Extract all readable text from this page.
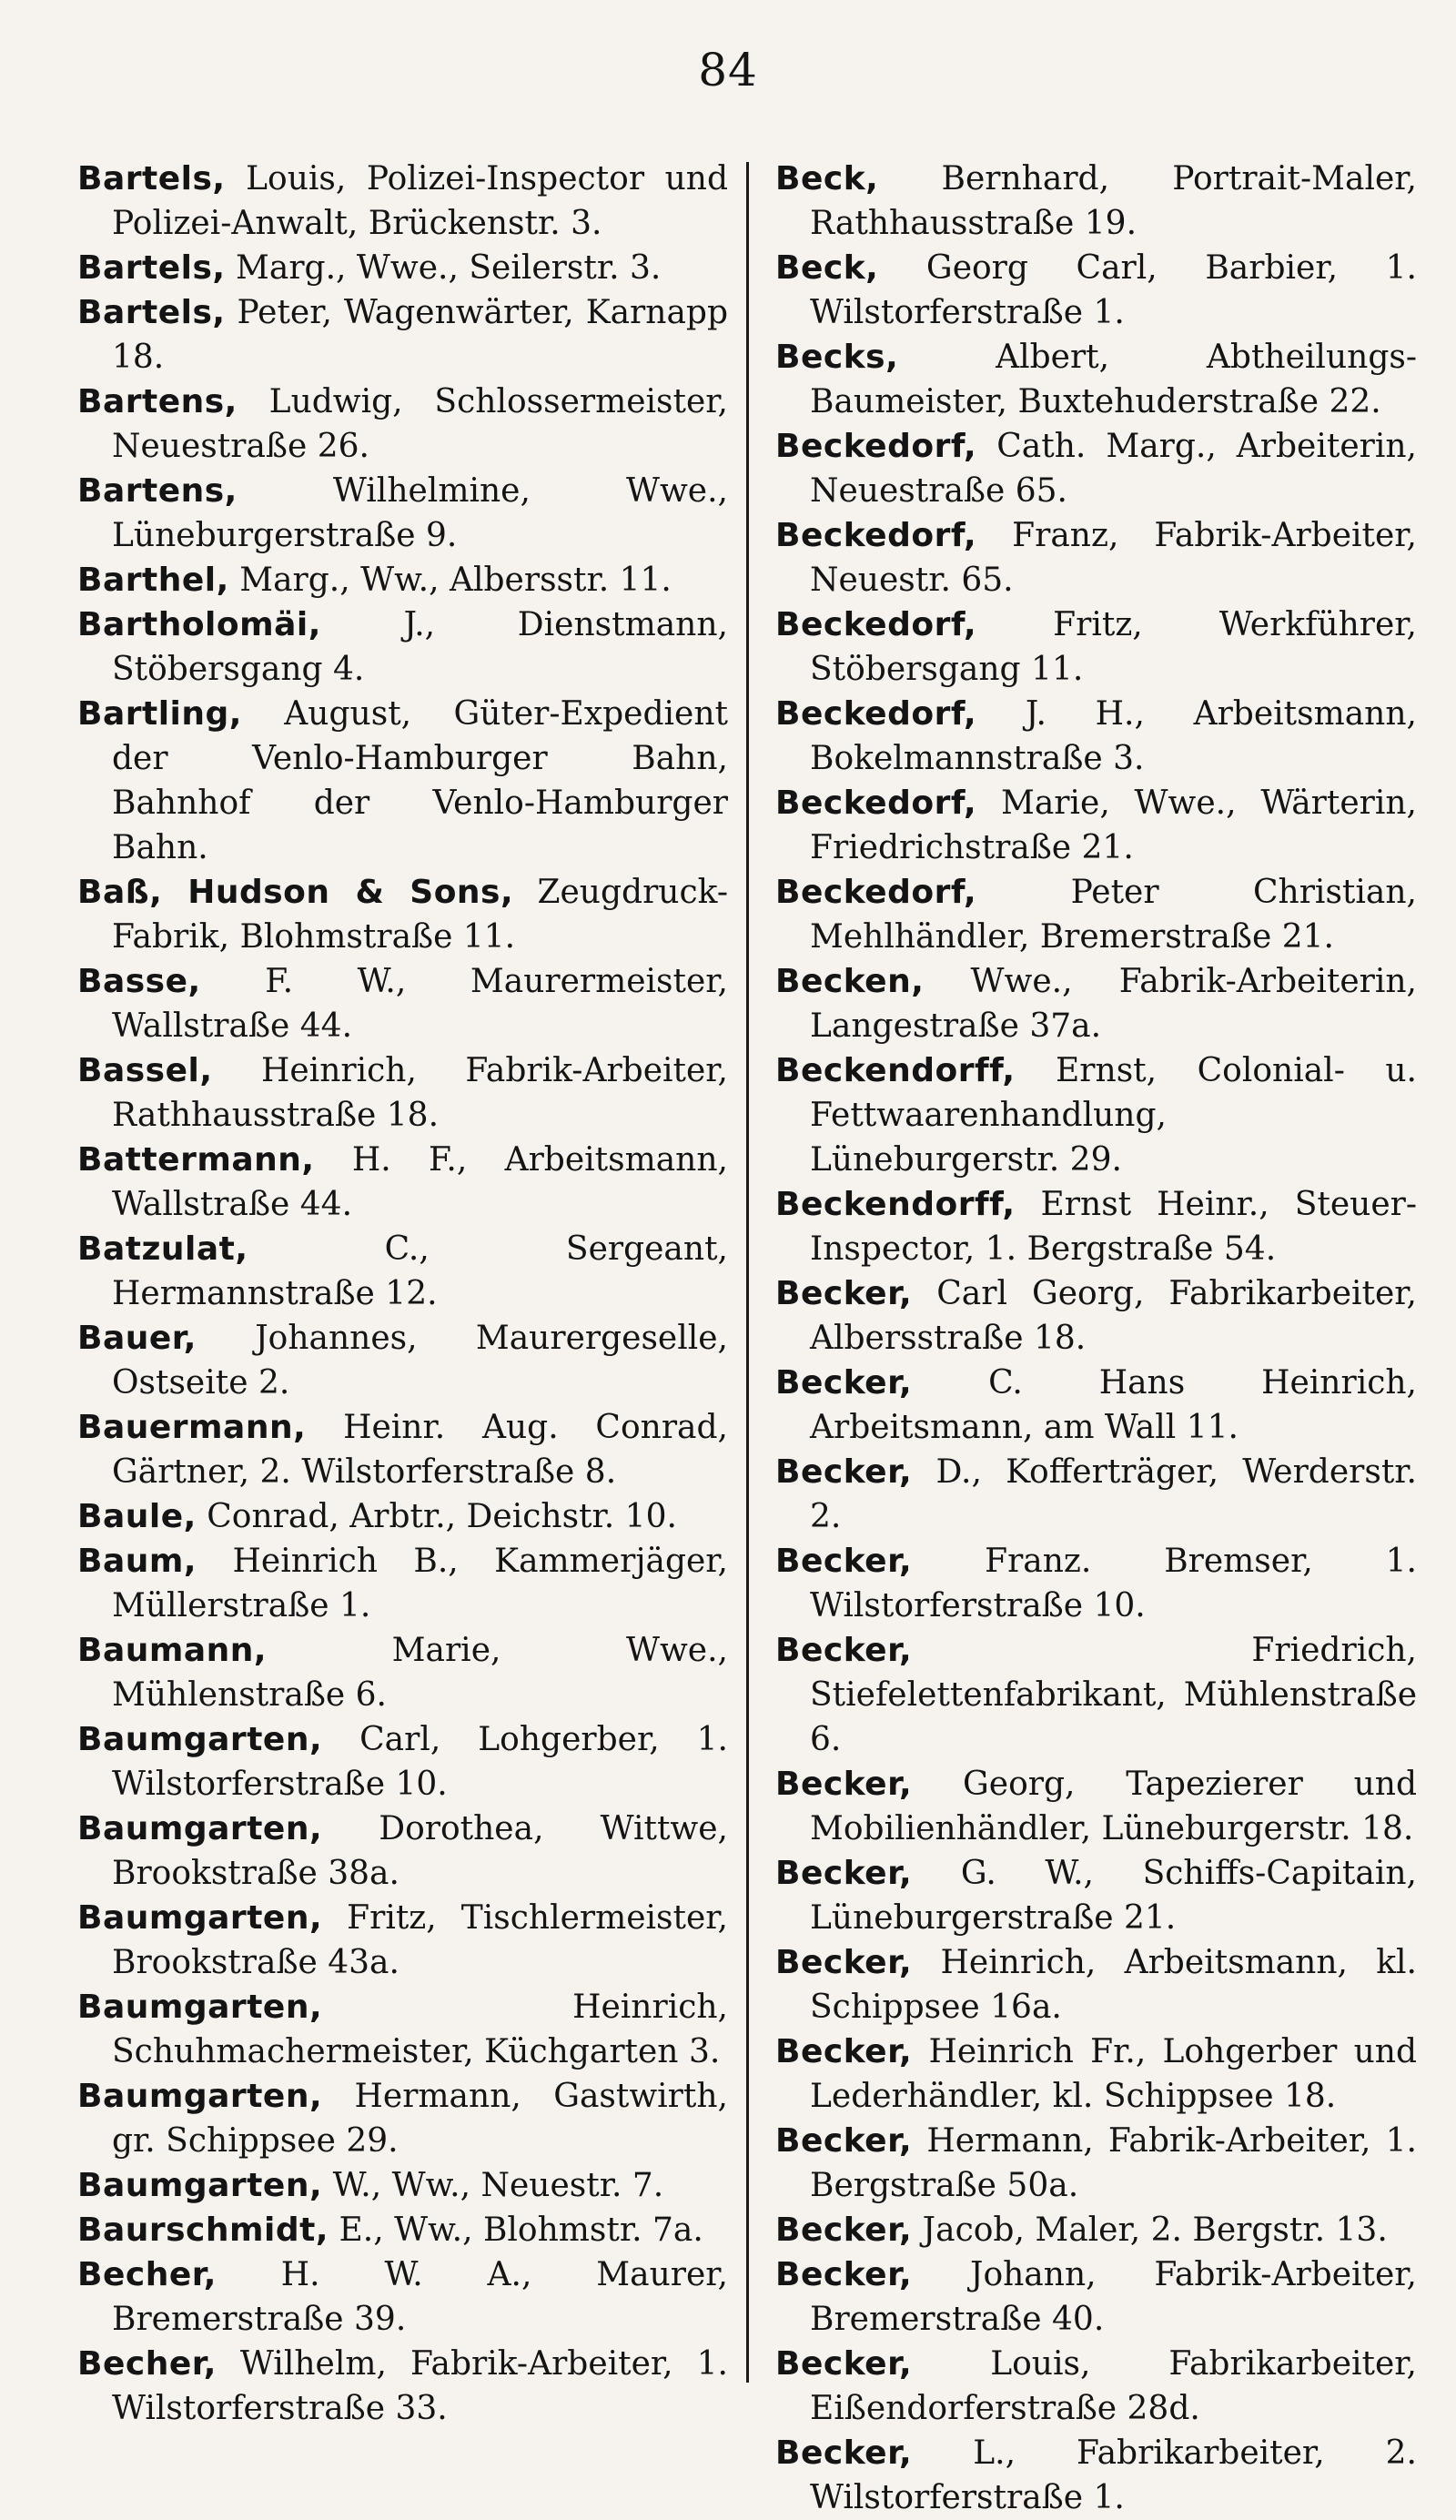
84

Bartels, Louis, Polizei-Inspector und Polizei-Anwalt, Brückenstr. 3.

Bartels, Marg., Wwe., Seilerstr. 3.

Bartels, Peter, Wagenwärter, Karnapp 18.

Bartens, Ludwig, Schlossermeister, Neuestraße 26.

Bartens, Wilhelmine, Wwe., Lüneburgerstraße 9.

Barthel, Marg., Ww., Albersstr. 11.

Bartholomäi, J., Dienstmann, Stöbersgang 4.

Bartling, August, Güter-Expedient der Venlo-Hamburger Bahn, Bahnhof der Venlo-Hamburger Bahn.

Baß, Hudson & Sons, Zeugdruck-Fabrik, Blohmstraße 11.

Basse, F. W., Maurermeister, Wallstraße 44.

Bassel, Heinrich, Fabrik-Arbeiter, Rathhausstraße 18.

Battermann, H. F., Arbeitsmann, Wallstraße 44.

Batzulat, C., Sergeant, Hermannstraße 12.

Bauer, Johannes, Maurergeselle, Ostseite 2.

Bauermann, Heinr. Aug. Conrad, Gärtner, 2. Wilstorferstraße 8.

Baule, Conrad, Arbtr., Deichstr. 10.

Baum, Heinrich B., Kammerjäger, Müllerstraße 1.

Baumann, Marie, Wwe., Mühlenstraße 6.

Baumgarten, Carl, Lohgerber, 1. Wilstorferstraße 10.

Baumgarten, Dorothea, Wittwe, Brookstraße 38a.

Baumgarten, Fritz, Tischlermeister, Brookstraße 43a.

Baumgarten, Heinrich, Schuhmachermeister, Küchgarten 3.

Baumgarten, Hermann, Gastwirth, gr. Schippsee 29.

Baumgarten, W., Ww., Neuestr. 7.

Baurschmidt, E., Ww., Blohmstr. 7a.

Becher, H. W. A., Maurer, Bremerstraße 39.

Becher, Wilhelm, Fabrik-Arbeiter, 1. Wilstorferstraße 33.

Beck, Bernhard, Portrait-Maler, Rathhausstraße 19.

Beck, Georg Carl, Barbier, 1. Wilstorferstraße 1.

Becks, Albert, Abtheilungs-Baumeister, Buxtehuderstraße 22.

Beckedorf, Cath. Marg., Arbeiterin, Neuestraße 65.

Beckedorf, Franz, Fabrik-Arbeiter, Neuestr. 65.

Beckedorf, Fritz, Werkführer, Stöbersgang 11.

Beckedorf, J. H., Arbeitsmann, Bokelmannstraße 3.

Beckedorf, Marie, Wwe., Wärterin, Friedrichstraße 21.

Beckedorf, Peter Christian, Mehlhändler, Bremerstraße 21.

Becken, Wwe., Fabrik-Arbeiterin, Langestraße 37a.

Beckendorff, Ernst, Colonial- u. Fettwaarenhandlung, Lüneburgerstr. 29.

Beckendorff, Ernst Heinr., Steuer-Inspector, 1. Bergstraße 54.

Becker, Carl Georg, Fabrikarbeiter, Albersstraße 18.

Becker, C. Hans Heinrich, Arbeitsmann, am Wall 11.

Becker, D., Kofferträger, Werderstr. 2.

Becker, Franz. Bremser, 1. Wilstorferstraße 10.

Becker, Friedrich, Stiefelettenfabrikant, Mühlenstraße 6.

Becker, Georg, Tapezierer und Mobilienhändler, Lüneburgerstr. 18.

Becker, G. W., Schiffs-Capitain, Lüneburgerstraße 21.

Becker, Heinrich, Arbeitsmann, kl. Schippsee 16a.

Becker, Heinrich Fr., Lohgerber und Lederhändler, kl. Schippsee 18.

Becker, Hermann, Fabrik-Arbeiter, 1. Bergstraße 50a.

Becker, Jacob, Maler, 2. Bergstr. 13.

Becker, Johann, Fabrik-Arbeiter, Bremerstraße 40.

Becker, Louis, Fabrikarbeiter, Eißendorferstraße 28d.

Becker, L., Fabrikarbeiter, 2. Wilstorferstraße 1.
